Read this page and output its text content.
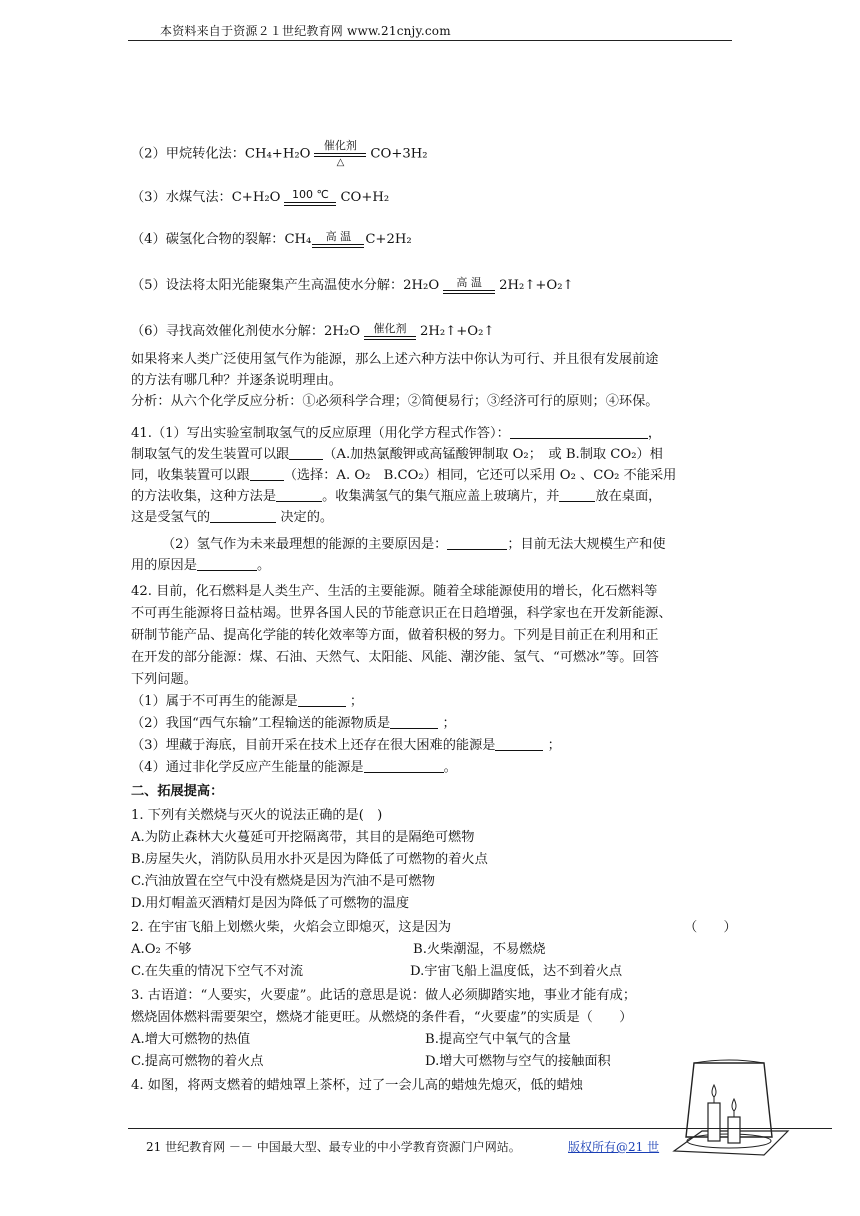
本资料来自于资源２１世纪教育网 www.21cnjy.com
（2）甲烷转化法：CH₄+H₂O
催化剂
△
CO+3H₂
（3）水煤气法：C+H₂O	100 ℃ CO+H₂
（4）碳氢化合物的裂解：CH₄	高 温	C+2H₂
（5）设法将太阳光能聚集产生高温使水分解：2H₂O	高 温	2H₂↑+O₂↑
（6）寻找高效催化剂使水分解：2H₂O	催化剂	2H₂↑+O₂↑
如果将来人类广泛使用氢气作为能源，那么上述六种方法中你认为可行、并且很有发展前途
的方法有哪几种？并逐条说明理由。
分析：从六个化学反应分析：①必须科学合理；②简便易行；③经济可行的原则；④环保。
41.（1）写出实验室制取氢气的反应原理（用化学方程式作答）：	，
制取氢气的发生装置可以跟	（A.加热氯酸钾或高锰酸钾制取 O₂；　或 B.制取 CO₂）相
同，收集装置可以跟	（选择：A. O₂　B.CO₂）相同，它还可以采用 O₂ 、CO₂ 不能采用
的方法收集，这种方法是	。收集满氢气的集气瓶应盖上玻璃片，并	放在桌面，
这是受氢气的	决定的。
（2）氢气作为未来最理想的能源的主要原因是：	；目前无法大规模生产和使
用的原因是	。
42. 目前，化石燃料是人类生产、生活的主要能源。随着全球能源使用的增长，化石燃料等
不可再生能源将日益枯竭。世界各国人民的节能意识正在日趋增强，科学家也在开发新能源、
研制节能产品、提高化学能的转化效率等方面，做着积极的努力。下列是目前正在利用和正
在开发的部分能源：煤、石油、天然气、太阳能、风能、潮汐能、氢气、“可燃冰”等。回答
下列问题。
（1）属于不可再生的能源是	；
（2）我国“西气东输”工程输送的能源物质是	；
（3）埋藏于海底，目前开采在技术上还存在很大困难的能源是	；
（4）通过非化学反应产生能量的能源是	。
二、拓展提高：
1. 下列有关燃烧与灭火的说法正确的是(　)
A.为防止森林大火蔓延可开挖隔离带，其目的是隔绝可燃物
B.房屋失火，消防队员用水扑灭是因为降低了可燃物的着火点
C.汽油放置在空气中没有燃烧是因为汽油不是可燃物
D.用灯帽盖灭酒精灯是因为降低了可燃物的温度
2. 在宇宙飞船上划燃火柴，火焰会立即熄灭，这是因为	（　　）
A.O₂ 不够	B.火柴潮湿，不易燃烧
C.在失重的情况下空气不对流	D.宇宙飞船上温度低，达不到着火点
3. 古语道：“人要实，火要虚”。此话的意思是说：做人必须脚踏实地，事业才能有成；
燃烧固体燃料需要架空，燃烧才能更旺。从燃烧的条件看，“火要虚”的实质是（　　）
A.增大可燃物的热值	B.提高空气中氧气的含量
C.提高可燃物的着火点	D.增大可燃物与空气的接触面积
4. 如图，将两支燃着的蜡烛罩上茶杯，过了一会儿高的蜡烛先熄灭，低的蜡烛
21 世纪教育网 －－ 中国最大型、最专业的中小学教育资源门户网站。	版权所有@21 世
